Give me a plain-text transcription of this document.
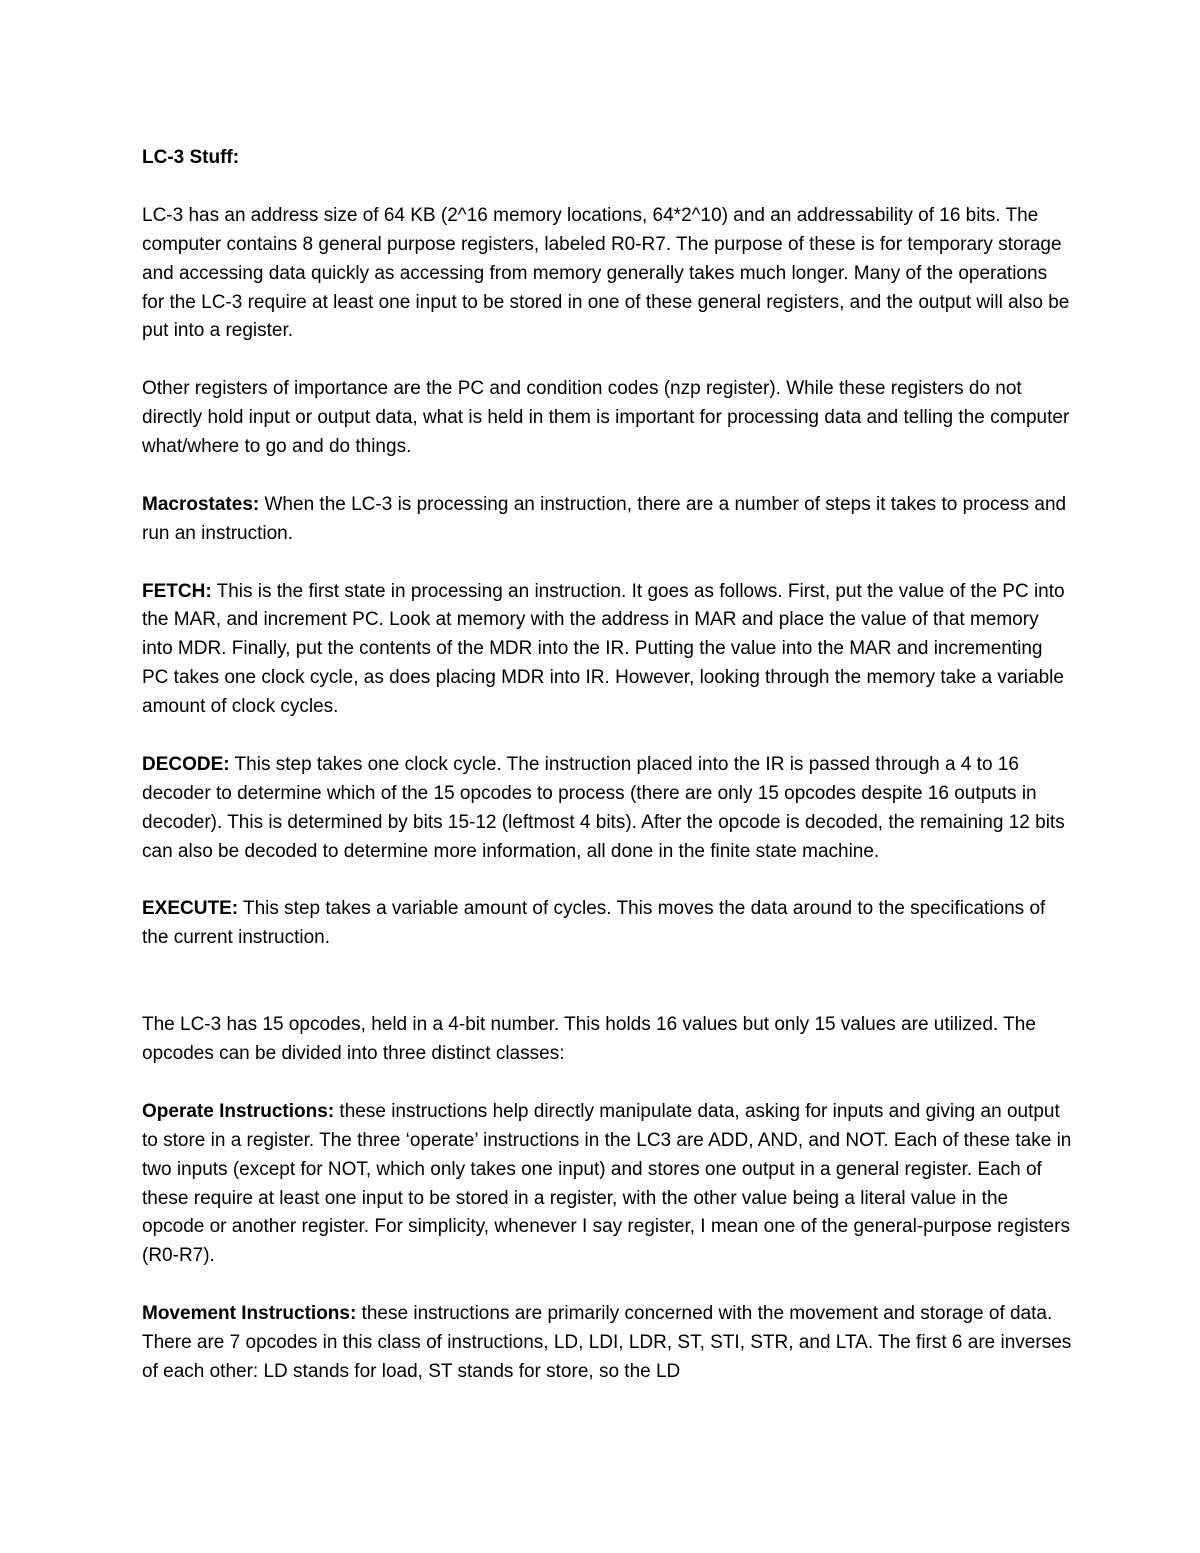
LC-3 Stuff:

LC-3 has an address size of 64 KB (2^16 memory locations, 64*2^10) and an addressability of 16 bits. The computer contains 8 general purpose registers, labeled R0-R7. The purpose of these is for temporary storage and accessing data quickly as accessing from memory generally takes much longer. Many of the operations for the LC-3 require at least one input to be stored in one of these general registers, and the output will also be put into a register.

Other registers of importance are the PC and condition codes (nzp register). While these registers do not directly hold input or output data, what is held in them is important for processing data and telling the computer what/where to go and do things.

Macrostates: When the LC-3 is processing an instruction, there are a number of steps it takes to process and run an instruction.

FETCH: This is the first state in processing an instruction. It goes as follows. First, put the value of the PC into the MAR, and increment PC. Look at memory with the address in MAR and place the value of that memory into MDR. Finally, put the contents of the MDR into the IR. Putting the value into the MAR and incrementing PC takes one clock cycle, as does placing MDR into IR. However, looking through the memory take a variable amount of clock cycles.

DECODE: This step takes one clock cycle. The instruction placed into the IR is passed through a 4 to 16 decoder to determine which of the 15 opcodes to process (there are only 15 opcodes despite 16 outputs in decoder). This is determined by bits 15-12 (leftmost 4 bits). After the opcode is decoded, the remaining 12 bits can also be decoded to determine more information, all done in the finite state machine.

EXECUTE: This step takes a variable amount of cycles. This moves the data around to the specifications of the current instruction.

The LC-3 has 15 opcodes, held in a 4-bit number. This holds 16 values but only 15 values are utilized. The opcodes can be divided into three distinct classes:

Operate Instructions: these instructions help directly manipulate data, asking for inputs and giving an output to store in a register. The three ‘operate’ instructions in the LC3 are ADD, AND, and NOT. Each of these take in two inputs (except for NOT, which only takes one input) and stores one output in a general register. Each of these require at least one input to be stored in a register, with the other value being a literal value in the opcode or another register. For simplicity, whenever I say register, I mean one of the general-purpose registers (R0-R7).

Movement Instructions: these instructions are primarily concerned with the movement and storage of data. There are 7 opcodes in this class of instructions, LD, LDI, LDR, ST, STI, STR, and LTA. The first 6 are inverses of each other: LD stands for load, ST stands for store, so the LD
